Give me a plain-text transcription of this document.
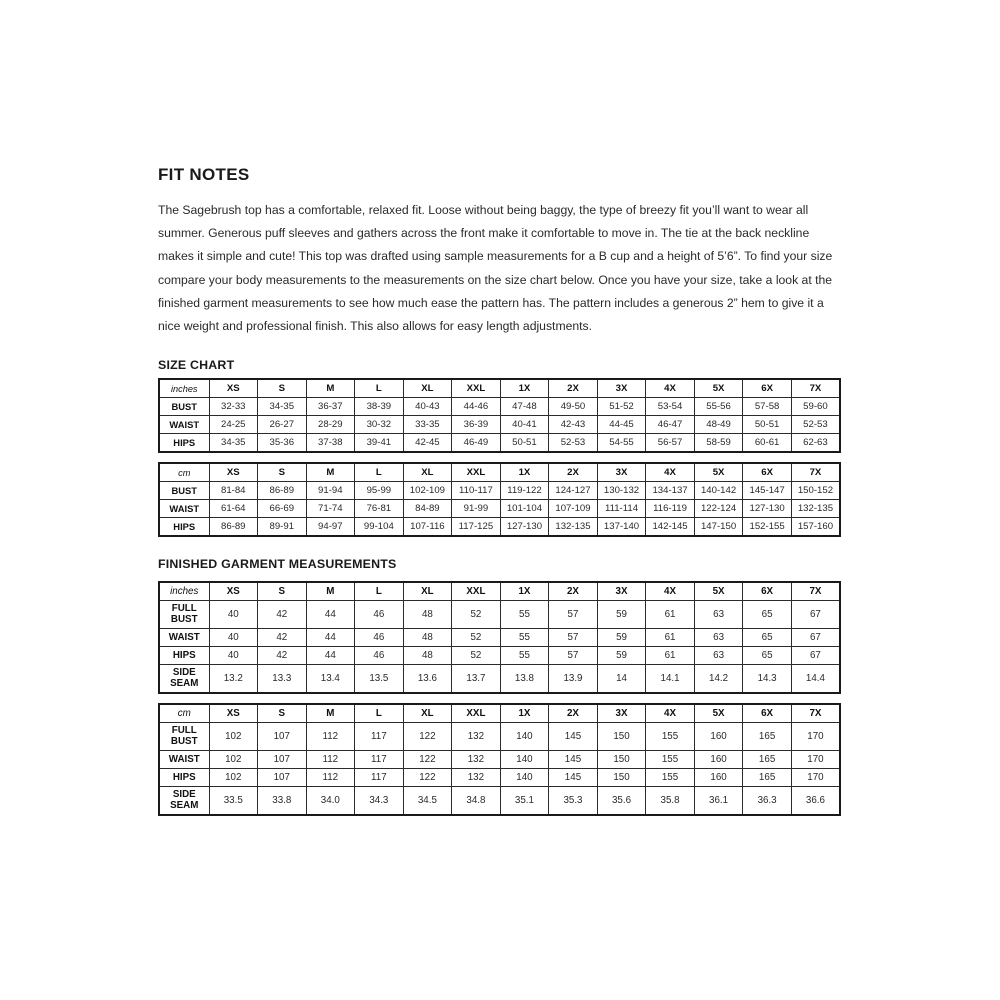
FIT NOTES

The Sagebrush top has a comfortable, relaxed fit. Loose without being baggy, the type of breezy fit you’ll want to wear all summer. Generous puff sleeves and gathers across the front make it comfortable to move in. The tie at the back neckline makes it simple and cute! This top was drafted using sample measurements for a B cup and a height of 5’6”. To find your size compare your body measurements to the measurements on the size chart below. Once you have your size, take a look at the finished garment measurements to see how much ease the pattern has. The pattern includes a generous 2” hem to give it a nice weight and professional finish. This also allows for easy length adjustments.

SIZE CHART
inches	XS	S	M	L	XL	XXL	1X	2X	3X	4X	5X	6X	7X
BUST	32-33	34-35	36-37	38-39	40-43	44-46	47-48	49-50	51-52	53-54	55-56	57-58	59-60
WAIST	24-25	26-27	28-29	30-32	33-35	36-39	40-41	42-43	44-45	46-47	48-49	50-51	52-53
HIPS	34-35	35-36	37-38	39-41	42-45	46-49	50-51	52-53	54-55	56-57	58-59	60-61	62-63
cm	XS	S	M	L	XL	XXL	1X	2X	3X	4X	5X	6X	7X
BUST	81-84	86-89	91-94	95-99	102-109	110-117	119-122	124-127	130-132	134-137	140-142	145-147	150-152
WAIST	61-64	66-69	71-74	76-81	84-89	91-99	101-104	107-109	111-114	116-119	122-124	127-130	132-135
HIPS	86-89	89-91	94-97	99-104	107-116	117-125	127-130	132-135	137-140	142-145	147-150	152-155	157-160
FINISHED GARMENT MEASUREMENTS
inches	XS	S	M	L	XL	XXL	1X	2X	3X	4X	5X	6X	7X
FULL
BUST	40	42	44	46	48	52	55	57	59	61	63	65	67
WAIST	40	42	44	46	48	52	55	57	59	61	63	65	67
HIPS	40	42	44	46	48	52	55	57	59	61	63	65	67
SIDE
SEAM	13.2	13.3	13.4	13.5	13.6	13.7	13.8	13.9	14	14.1	14.2	14.3	14.4
cm	XS	S	M	L	XL	XXL	1X	2X	3X	4X	5X	6X	7X
FULL
BUST	102	107	112	117	122	132	140	145	150	155	160	165	170
WAIST	102	107	112	117	122	132	140	145	150	155	160	165	170
HIPS	102	107	112	117	122	132	140	145	150	155	160	165	170
SIDE
SEAM	33.5	33.8	34.0	34.3	34.5	34.8	35.1	35.3	35.6	35.8	36.1	36.3	36.6
